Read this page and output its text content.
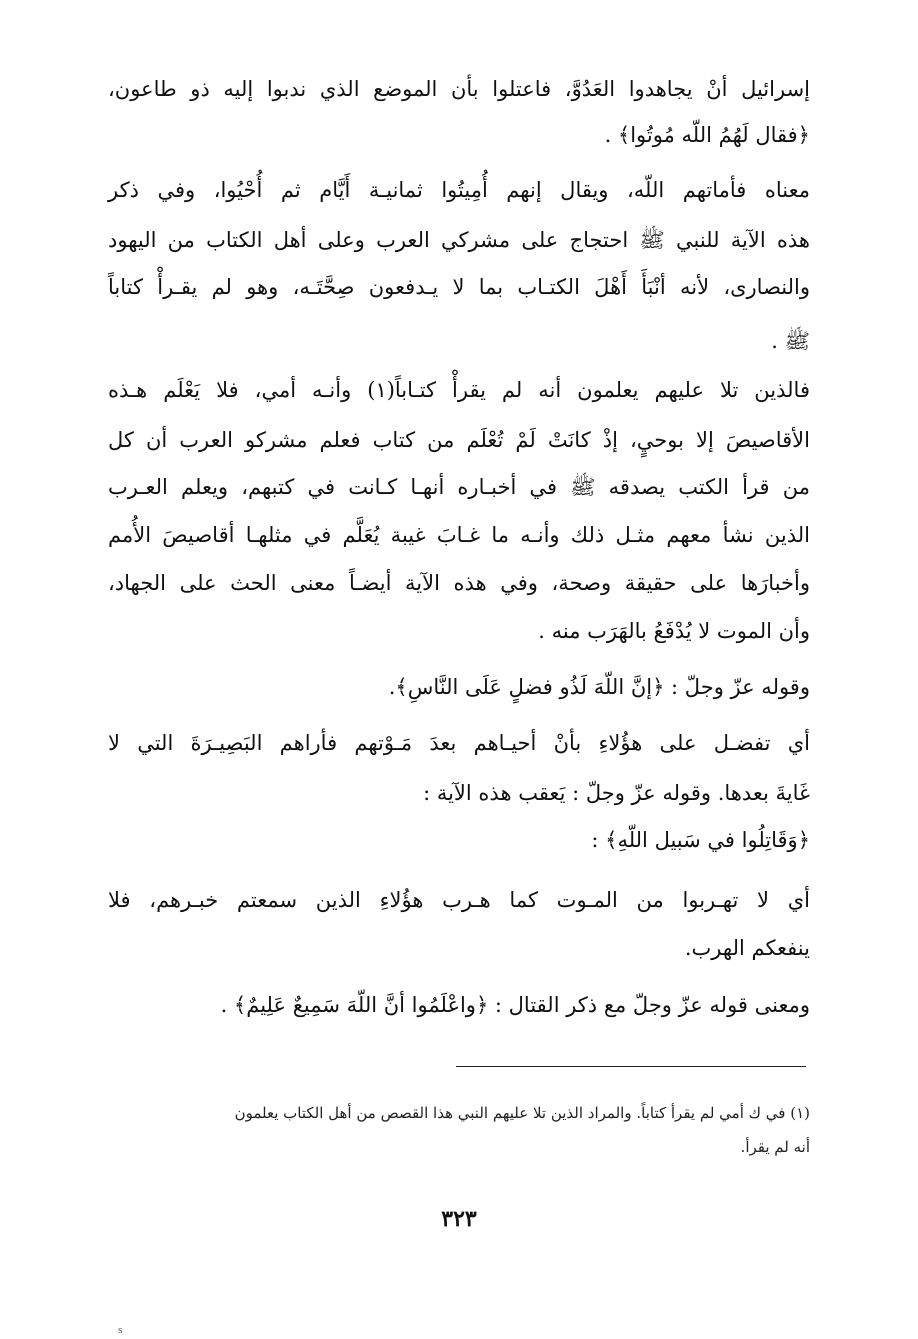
إسرائيل أنْ يجاهدوا العَدُوَّ، فاعتلوا بأن الموضع الذي ندبوا إليه ذو طاعون،
﴿فقال لَهُمُ اللّه مُوتُوا﴾ .
معناه فأماتهم اللّه، ويقال إنهم أُمِيتُوا ثمانيـة أَيَّام ثم أُحْيُوا، وفي ذكر
هذه الآية للنبي ﷺ احتجاج على مشركي العرب وعلى أهل الكتاب من اليهود
والنصارى، لأنه أنْبَأَ أَهْلَ الكتـاب بما لا يـدفعون صِحَّتَـه، وهو لم يقـرأْ كتاباً
ﷺ .
فالذين تلا عليهم يعلمون أنه لم يقرأْ كتـاباً(١) وأنـه أمي، فلا يَعْلَم هـذه
الأقاصيصَ إلا بوحيٍ، إذْ كانَتْ لَمْ تُعْلَم من كتاب فعلم مشركو العرب أن كل
من قرأ الكتب يصدقه ﷺ في أخبـاره أنهـا كـانت في كتبهم، ويعلم العـرب
الذين نشأ معهم مثـل ذلك وأنـه ما غـابَ غيبة يُعَلَّم في مثلهـا أقاصيصَ الأُمم
وأخبارَها على حقيقة وصحة، وفي هذه الآية أيضـاً معنى الحث على الجهاد،
وأن الموت لا يُدْفَعُ بالهَرَب منه .
وقوله عزّ وجلّ : ﴿إنَّ اللّهَ لَذُو فضلٍ عَلَى النَّاسِ﴾.
أي تفضـل على هؤُلاءِ بأنْ أحيـاهم بعدَ مَـوْتهم فأراهم البَصِيـرَةَ التي لا
غَايةَ بعدها. وقوله عزّ وجلّ : يَعقب هذه الآية :
﴿وَقَاتِلُوا في سَبيل اللّهِ﴾ :
أي لا تهـربوا من المـوت كما هـرب هؤُلاءِ الذين سمعتم خبـرهم، فلا
ينفعكم الهرب.
ومعنى قوله عزّ وجلّ مع ذكر القتال : ﴿واعْلَمُوا أنَّ اللّهَ سَمِيعٌ عَلِيمٌ﴾ .
(١) في ك أمي لم يقرأ كتاباً. والمراد الذين تلا عليهم النبي هذا القصص من أهل الكتاب يعلمون
أنه لم يقرأ.
٣٢٣
s
